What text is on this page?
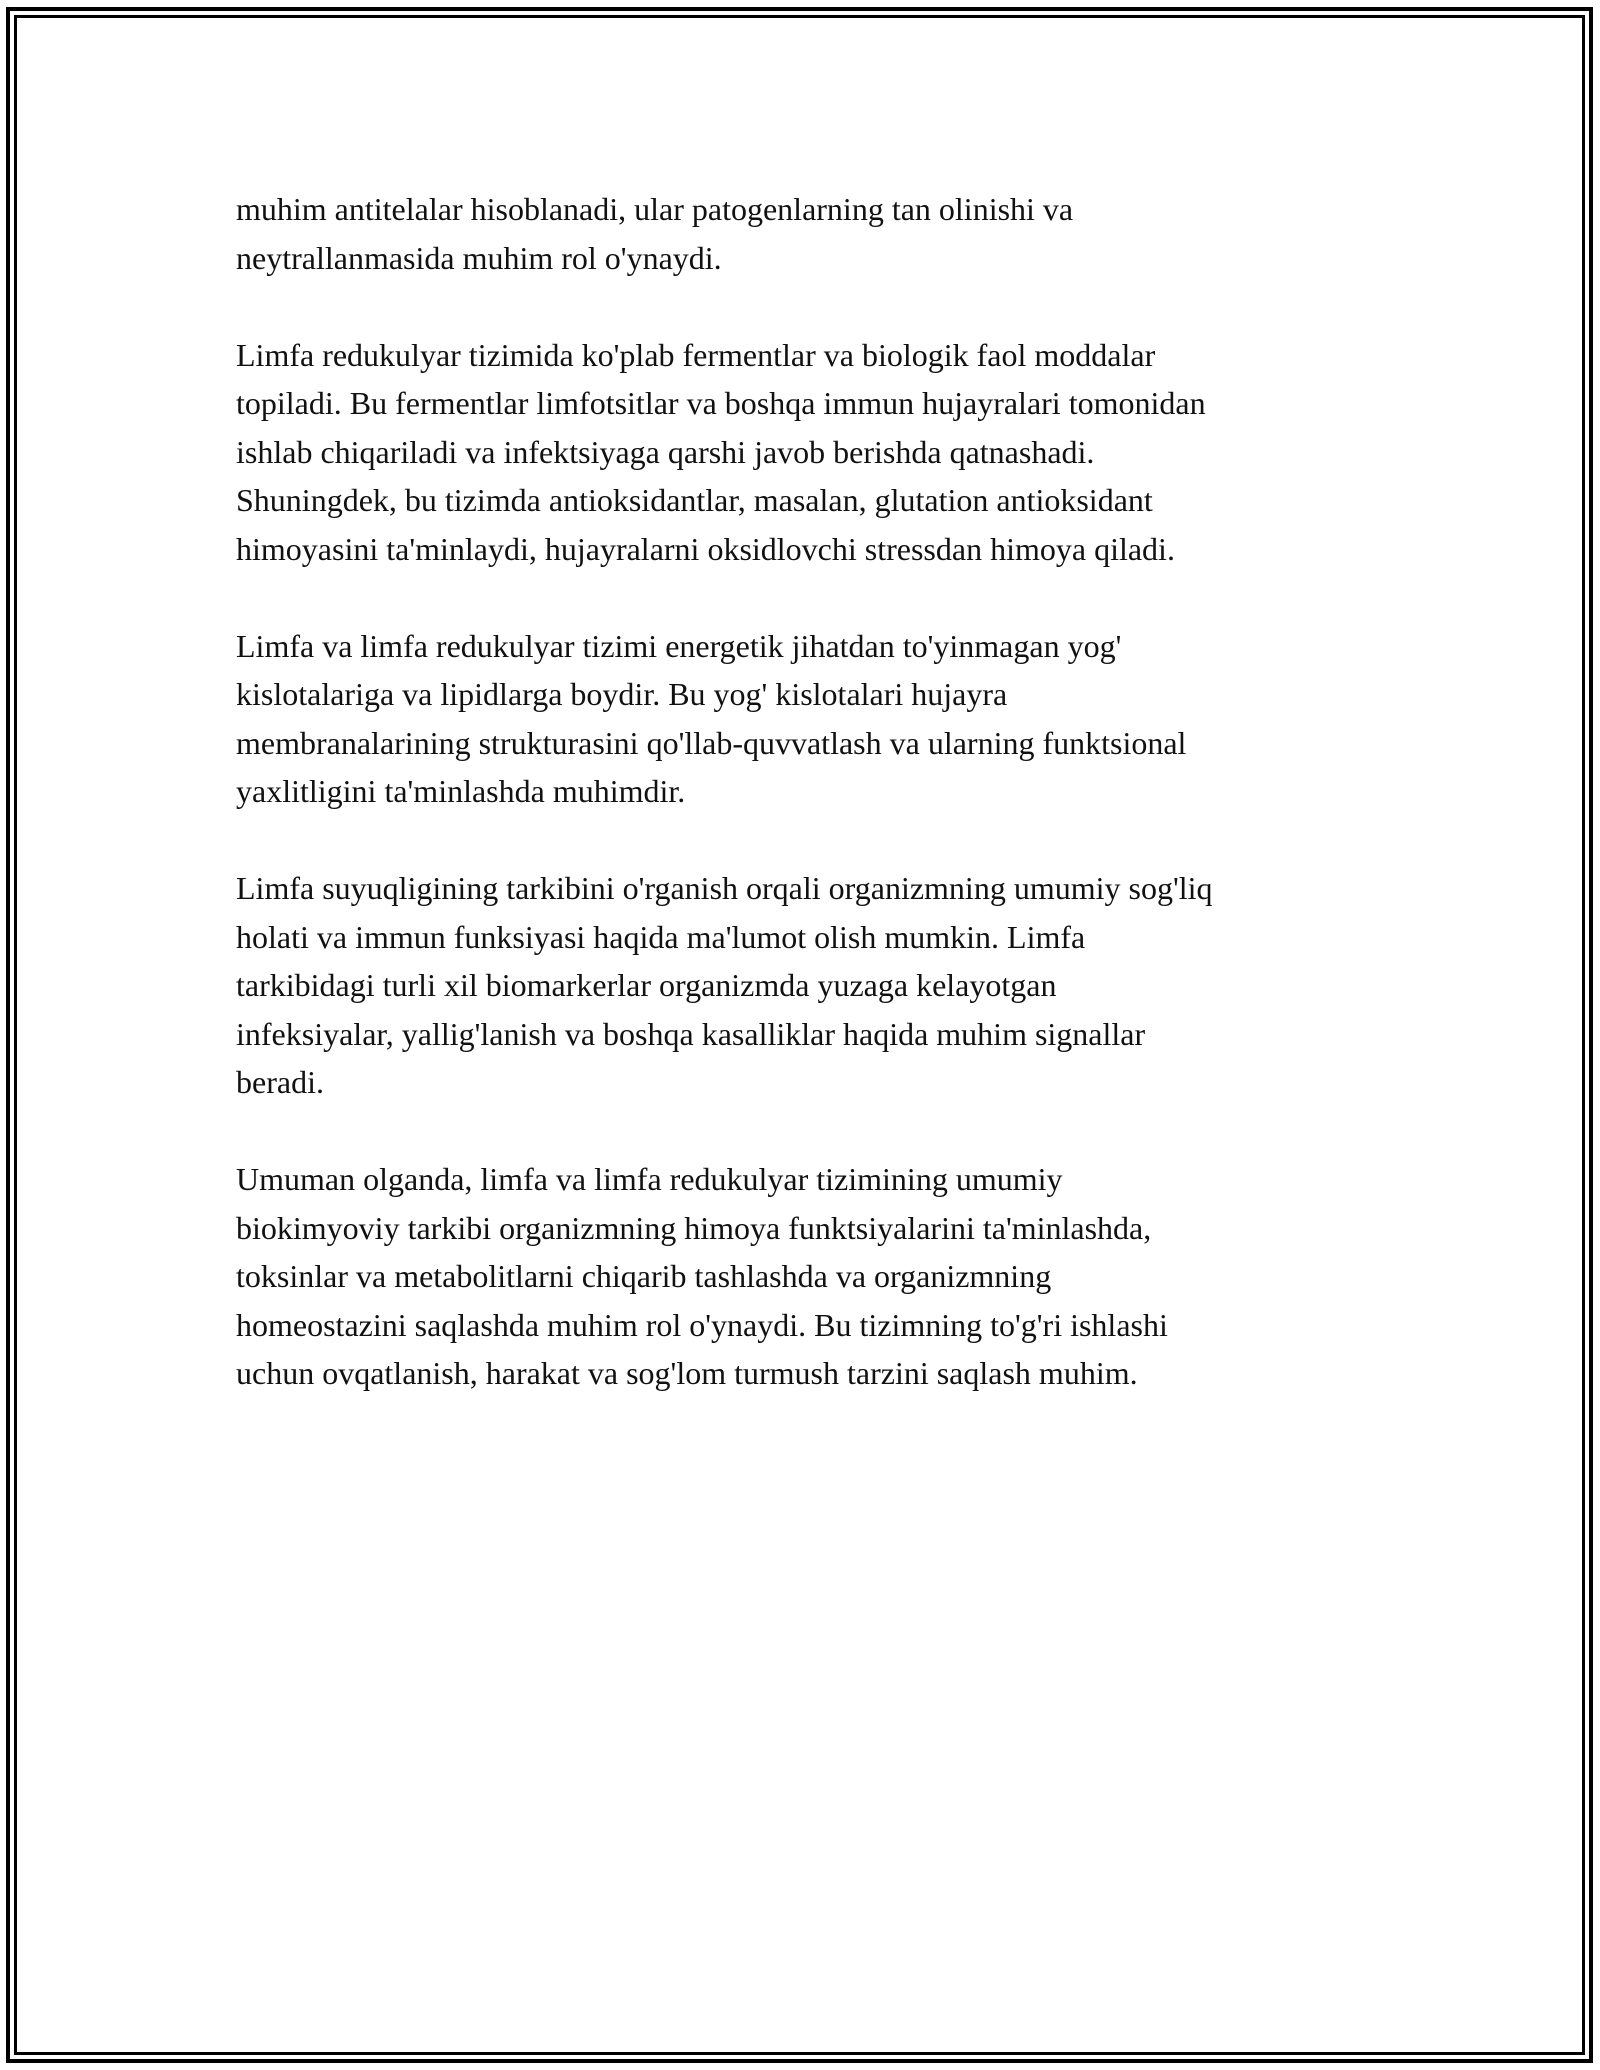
muhim antitelalar hisoblanadi, ular patogenlarning tan olinishi va
neytrallanmasida muhim rol o'ynaydi.

Limfa redukulyar tizimida ko'plab fermentlar va biologik faol moddalar
topiladi. Bu fermentlar limfotsitlar va boshqa immun hujayralari tomonidan
ishlab chiqariladi va infektsiyaga qarshi javob berishda qatnashadi.
Shuningdek, bu tizimda antioksidantlar, masalan, glutation antioksidant
himoyasini ta'minlaydi, hujayralarni oksidlovchi stressdan himoya qiladi.

Limfa va limfa redukulyar tizimi energetik jihatdan to'yinmagan yog'
kislotalariga va lipidlarga boydir. Bu yog' kislotalari hujayra
membranalarining strukturasini qo'llab-quvvatlash va ularning funktsional
yaxlitligini ta'minlashda muhimdir.

Limfa suyuqligining tarkibini o'rganish orqali organizmning umumiy sog'liq
holati va immun funksiyasi haqida ma'lumot olish mumkin. Limfa
tarkibidagi turli xil biomarkerlar organizmda yuzaga kelayotgan
infeksiyalar, yallig'lanish va boshqa kasalliklar haqida muhim signallar
beradi.

Umuman olganda, limfa va limfa redukulyar tizimining umumiy
biokimyoviy tarkibi organizmning himoya funktsiyalarini ta'minlashda,
toksinlar va metabolitlarni chiqarib tashlashda va organizmning
homeostazini saqlashda muhim rol o'ynaydi. Bu tizimning to'g'ri ishlashi
uchun ovqatlanish, harakat va sog'lom turmush tarzini saqlash muhim.
